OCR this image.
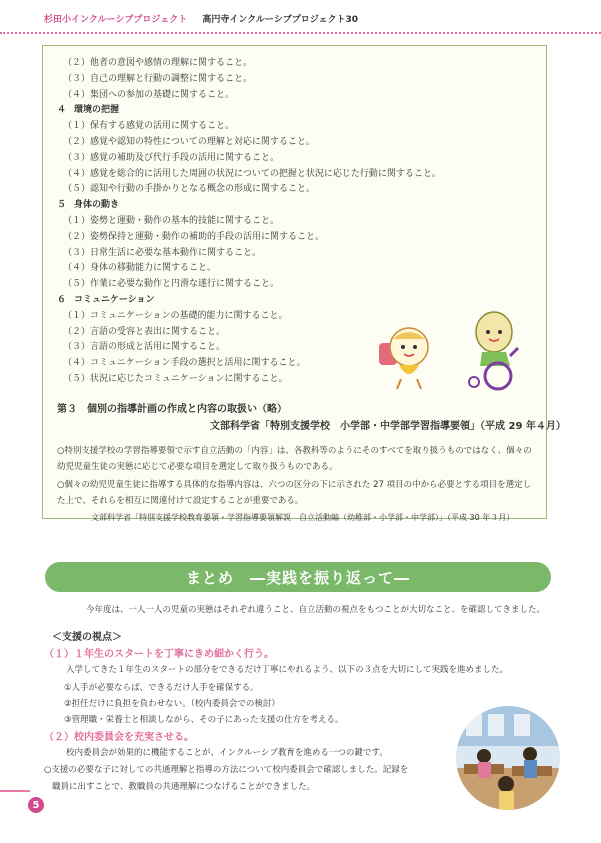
杉田小インクルーシブプロジェクト 高円寺インクルーシブプロジェクト30
（２）他者の意図や感情の理解に関すること。
（３）自己の理解と行動の調整に関すること。
（４）集団への参加の基礎に関すること。
４ 環境の把握
（１）保有する感覚の活用に関すること。
（２）感覚や認知の特性についての理解と対応に関すること。
（３）感覚の補助及び代行手段の活用に関すること。
（４）感覚を総合的に活用した周囲の状況についての把握と状況に応じた行動に関すること。
（５）認知や行動の手掛かりとなる概念の形成に関すること。
５ 身体の動き
（１）姿勢と運動・動作の基本的技能に関すること。
（２）姿勢保持と運動・動作の補助的手段の活用に関すること。
（３）日常生活に必要な基本動作に関すること。
（４）身体の移動能力に関すること。
（５）作業に必要な動作と円滑な遂行に関すること。
６ コミュニケーション
（１）コミュニケーションの基礎的能力に関すること。
（２）言語の受容と表出に関すること。
（３）言語の形成と活用に関すること。
（４）コミュニケーション手段の選択と活用に関すること。
（５）状況に応じたコミュニケーションに関すること。
第３　個別の指導計画の作成と内容の取扱い（略）
文部科学省「特別支援学校　小学部・中学部学習指導要領」（平成 29 年４月）
○特別支援学校の学習指導要領で示す自立活動の「内容」は、各教科等のようにそのすべてを取り扱うものではなく、個々の幼児児童生徒の実態に応じて必要な項目を選定して取り扱うものである。
○個々の幼児児童生徒に指導する具体的な指導内容は、六つの区分の下に示された 27 項目の中から必要とする項目を選定した上で、それらを相互に関連付けて設定することが重要である。
文部科学省「特別支援学校教育要領・学習指導要領解説　自立活動編（幼稚部・小学部・中学部）」（平成 30 年３月）
まとめ　―実践を振り返って―
今年度は、一人一人の児童の実態はそれぞれ違うこと、自立活動の視点をもつことが大切なこと、を確認してきました。
＜支援の視点＞
（１）１年生のスタートを丁寧にきめ細かく行う。
入学してきた１年生のスタートの部分をできるだけ丁寧にやれるよう、以下の３点を大切にして実践を進めました。
①人手が必要ならば、できるだけ人手を確保する。
②担任だけに負担を負わせない。（校内委員会での検討）
③管理職・栄養士と相談しながら、その子にあった支援の仕方を考える。
（２）校内委員会を充実させる。
校内委員会が効果的に機能することが、インクルーシブ教育を進める一つの鍵です。
○支援の必要な子に対しての共通理解と指導の方法について校内委員会で確認しました。記録を
職員に出すことで、教職員の共通理解につなげることができました。
5
